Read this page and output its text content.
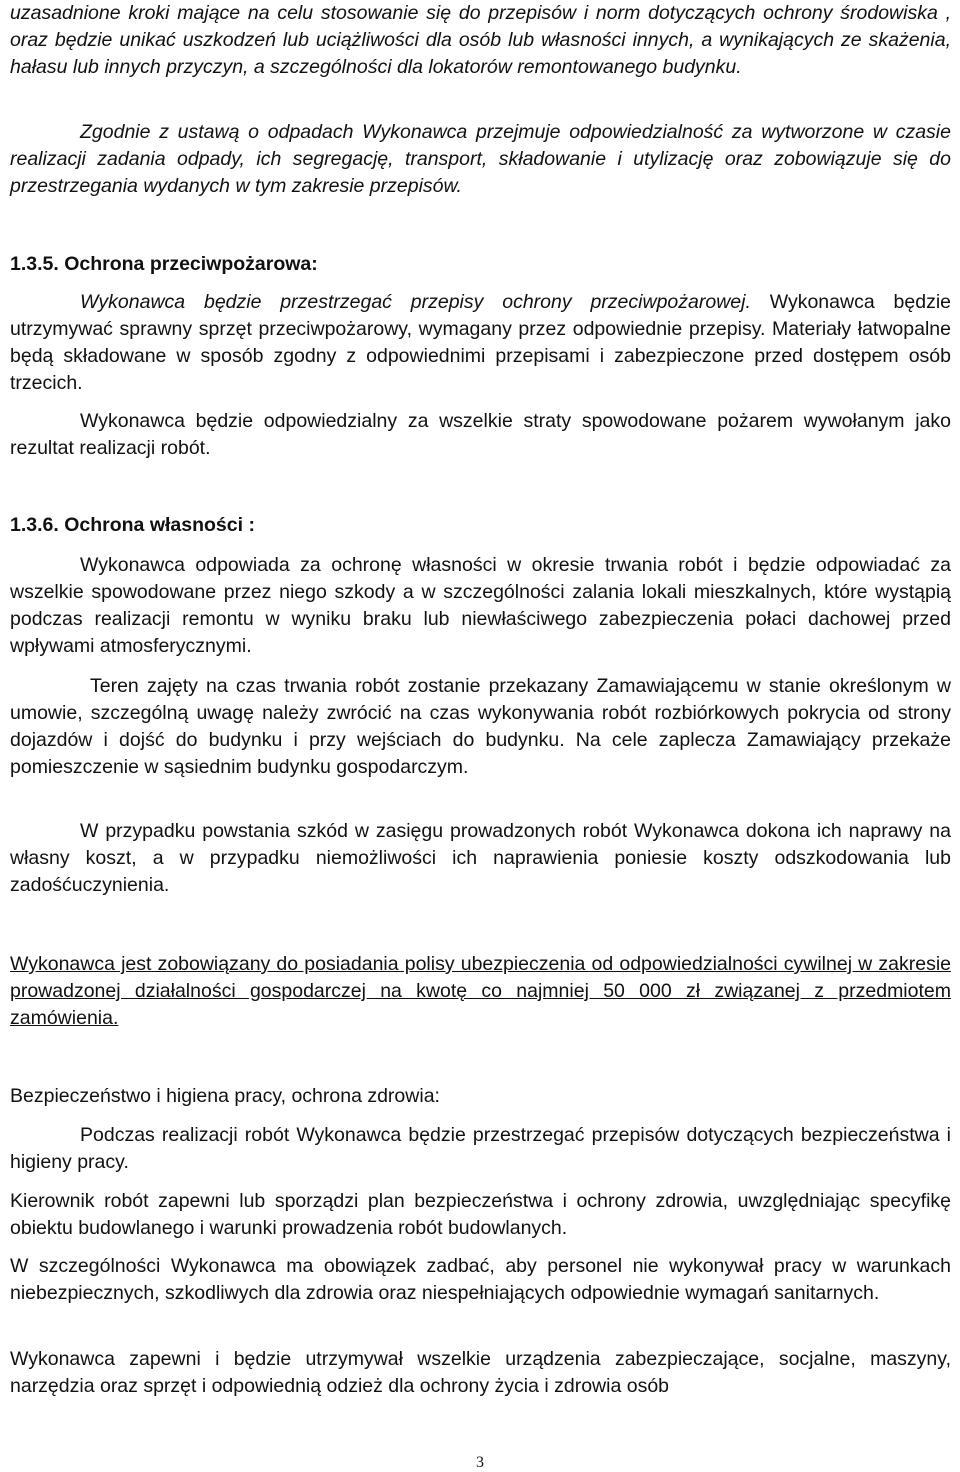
uzasadnione kroki mające na celu stosowanie się do przepisów i norm dotyczących ochrony środowiska , oraz będzie unikać uszkodzeń lub uciążliwości dla osób lub własności innych, a wynikających ze skażenia, hałasu lub innych przyczyn, a szczególności dla lokatorów remontowanego budynku.

Zgodnie z ustawą o odpadach Wykonawca przejmuje odpowiedzialność za wytworzone w czasie realizacji zadania odpady, ich segregację, transport, składowanie i utylizację oraz zobowiązuje się do przestrzegania wydanych w tym zakresie przepisów.

1.3.5. Ochrona przeciwpożarowa:

Wykonawca będzie przestrzegać przepisy ochrony przeciwpożarowej. Wykonawca będzie utrzymywać sprawny sprzęt przeciwpożarowy, wymagany przez odpowiednie przepisy. Materiały łatwopalne będą składowane w sposób zgodny z odpowiednimi przepisami i zabezpieczone przed dostępem osób trzecich.

Wykonawca będzie odpowiedzialny za wszelkie straty spowodowane pożarem wywołanym jako rezultat realizacji robót.

1.3.6. Ochrona własności :

Wykonawca odpowiada za ochronę własności w okresie trwania robót i będzie odpowiadać za wszelkie spowodowane przez niego szkody a w szczególności zalania lokali mieszkalnych, które wystąpią podczas realizacji remontu w wyniku braku lub niewłaściwego zabezpieczenia połaci dachowej przed wpływami atmosferycznymi.

Teren zajęty na czas trwania robót zostanie przekazany Zamawiającemu w stanie określonym w umowie, szczególną uwagę należy zwrócić na czas wykonywania robót rozbiórkowych pokrycia od strony dojazdów i dojść do budynku i przy wejściach do budynku. Na cele zaplecza Zamawiający przekaże pomieszczenie w sąsiednim budynku gospodarczym.

W przypadku powstania szkód w zasięgu prowadzonych robót Wykonawca dokona ich naprawy na własny koszt, a w przypadku niemożliwości ich naprawienia poniesie koszty odszkodowania lub zadośćuczynienia.

Wykonawca jest zobowiązany do posiadania polisy ubezpieczenia od odpowiedzialności cywilnej w zakresie prowadzonej działalności gospodarczej na kwotę co najmniej 50 000 zł związanej z przedmiotem zamówienia.

Bezpieczeństwo i higiena pracy, ochrona zdrowia:

Podczas realizacji robót Wykonawca będzie przestrzegać przepisów dotyczących bezpieczeństwa i higieny pracy.

Kierownik robót zapewni lub sporządzi plan bezpieczeństwa i ochrony zdrowia, uwzględniając specyfikę obiektu budowlanego i warunki prowadzenia robót budowlanych.

W szczególności Wykonawca ma obowiązek zadbać, aby personel nie wykonywał pracy w warunkach niebezpiecznych, szkodliwych dla zdrowia oraz niespełniających odpowiednie wymagań sanitarnych.

Wykonawca zapewni i będzie utrzymywał wszelkie urządzenia zabezpieczające, socjalne, maszyny, narzędzia oraz sprzęt i odpowiednią odzież dla ochrony życia i zdrowia osób

3
